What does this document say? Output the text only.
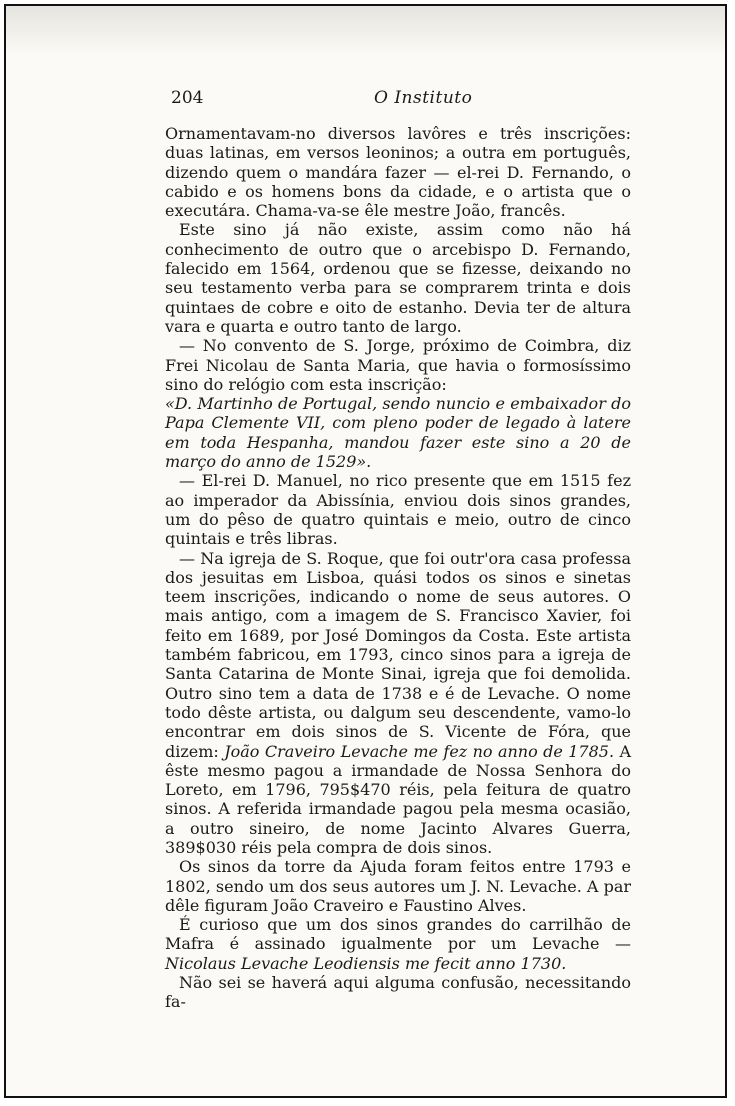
204	O Instituto

Ornamentavam-no diversos lavôres e três inscrições: duas latinas, em versos leoninos; a outra em português, dizendo quem o mandára fazer — el-rei D. Fernando, o cabido e os homens bons da cidade, e o artista que o executára. Chama-va-se êle mestre João, francês.

Este sino já não existe, assim como não há conhecimento de outro que o arcebispo D. Fernando, falecido em 1564, ordenou que se fizesse, deixando no seu testamento verba para se comprarem trinta e dois quintaes de cobre e oito de estanho. Devia ter de altura vara e quarta e outro tanto de largo.

— No convento de S. Jorge, próximo de Coimbra, diz Frei Nicolau de Santa Maria, que havia o formosíssimo sino do relógio com esta inscrição:

«D. Martinho de Portugal, sendo nuncio e embaixador do Papa Clemente VII, com pleno poder de legado à latere em toda Hespanha, mandou fazer este sino a 20 de março do anno de 1529».

— El-rei D. Manuel, no rico presente que em 1515 fez ao imperador da Abissínia, enviou dois sinos grandes, um do pêso de quatro quintais e meio, outro de cinco quintais e três libras.

— Na igreja de S. Roque, que foi outr'ora casa professa dos jesuitas em Lisboa, quási todos os sinos e sinetas teem inscrições, indicando o nome de seus autores. O mais antigo, com a imagem de S. Francisco Xavier, foi feito em 1689, por José Domingos da Costa. Este artista também fabricou, em 1793, cinco sinos para a igreja de Santa Catarina de Monte Sinai, igreja que foi demolida. Outro sino tem a data de 1738 e é de Levache. O nome todo dêste artista, ou dalgum seu descendente, vamo-lo encontrar em dois sinos de S. Vicente de Fóra, que dizem: João Craveiro Levache me fez no anno de 1785. A êste mesmo pagou a irmandade de Nossa Senhora do Loreto, em 1796, 795$470 réis, pela feitura de quatro sinos. A referida irmandade pagou pela mesma ocasião, a outro sineiro, de nome Jacinto Alvares Guerra, 389$030 réis pela compra de dois sinos.

Os sinos da torre da Ajuda foram feitos entre 1793 e 1802, sendo um dos seus autores um J. N. Levache. A par dêle figuram João Craveiro e Faustino Alves.

É curioso que um dos sinos grandes do carrilhão de Mafra é assinado igualmente por um Levache — Nicolaus Levache Leodiensis me fecit anno 1730.

Não sei se haverá aqui alguma confusão, necessitando fa-
